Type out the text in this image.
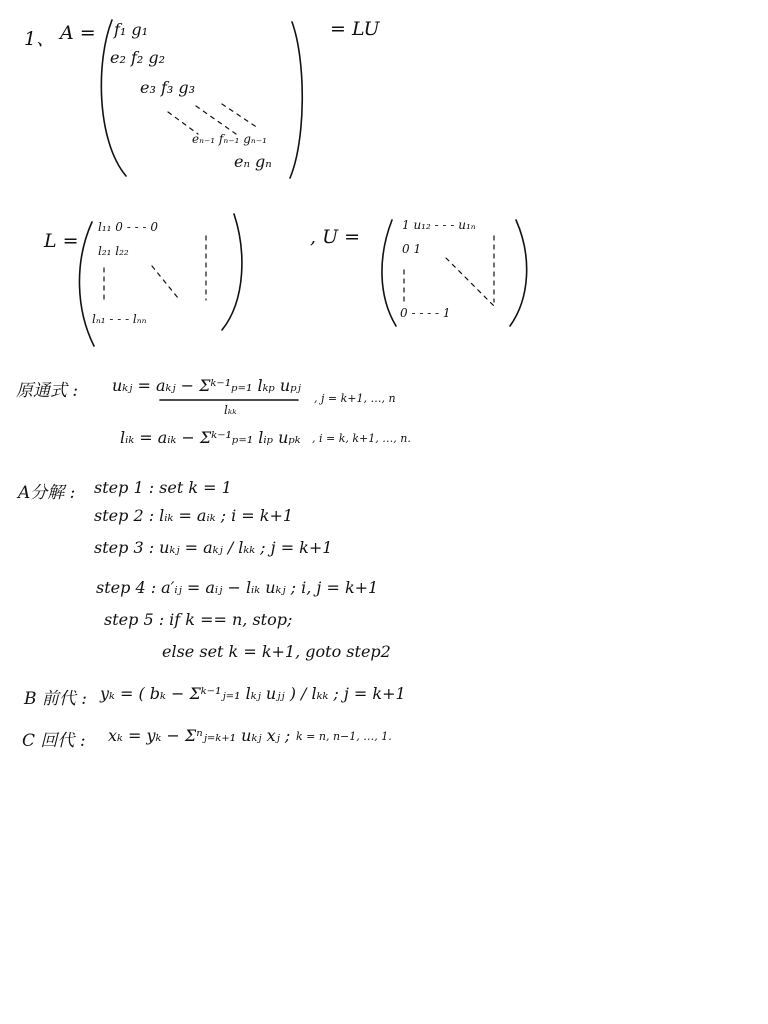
1、 A =	= LU
f₁ g₁
e₂ f₂ g₂
e₃ f₃ g₃
eₙ₋₁ fₙ₋₁ gₙ₋₁
eₙ gₙ
L =
l₁₁ 0 - - - 0
l₂₁ l₂₂
lₙ₁ - - - lₙₙ
, U =
1 u₁₂ - - - u₁ₙ
0 1
0 - - - - 1
原通式 : uₖⱼ = aₖⱼ − Σᵏ⁻¹ₚ₌₁ lₖₚ uₚⱼ
lₖₖ
, j = k+1, …, n
lᵢₖ = aᵢₖ − Σᵏ⁻¹ₚ₌₁ lᵢₚ uₚₖ , i = k, k+1, …, n.
A分解 : step 1 : set k = 1
step 2 : lᵢₖ = aᵢₖ ; i = k+1
step 3 : uₖⱼ = aₖⱼ / lₖₖ ; j = k+1
step 4 : a′ᵢⱼ = aᵢⱼ − lᵢₖ uₖⱼ ; i, j = k+1
step 5 : if k == n, stop;
else set k = k+1, goto step2
B 前代 : yₖ = ( bₖ − Σᵏ⁻¹ⱼ₌₁ lₖⱼ uⱼⱼ ) / lₖₖ ; j = k+1
C 回代 : xₖ = yₖ − Σⁿⱼ₌ₖ₊₁ uₖⱼ xⱼ ; k = n, n−1, …, 1.
